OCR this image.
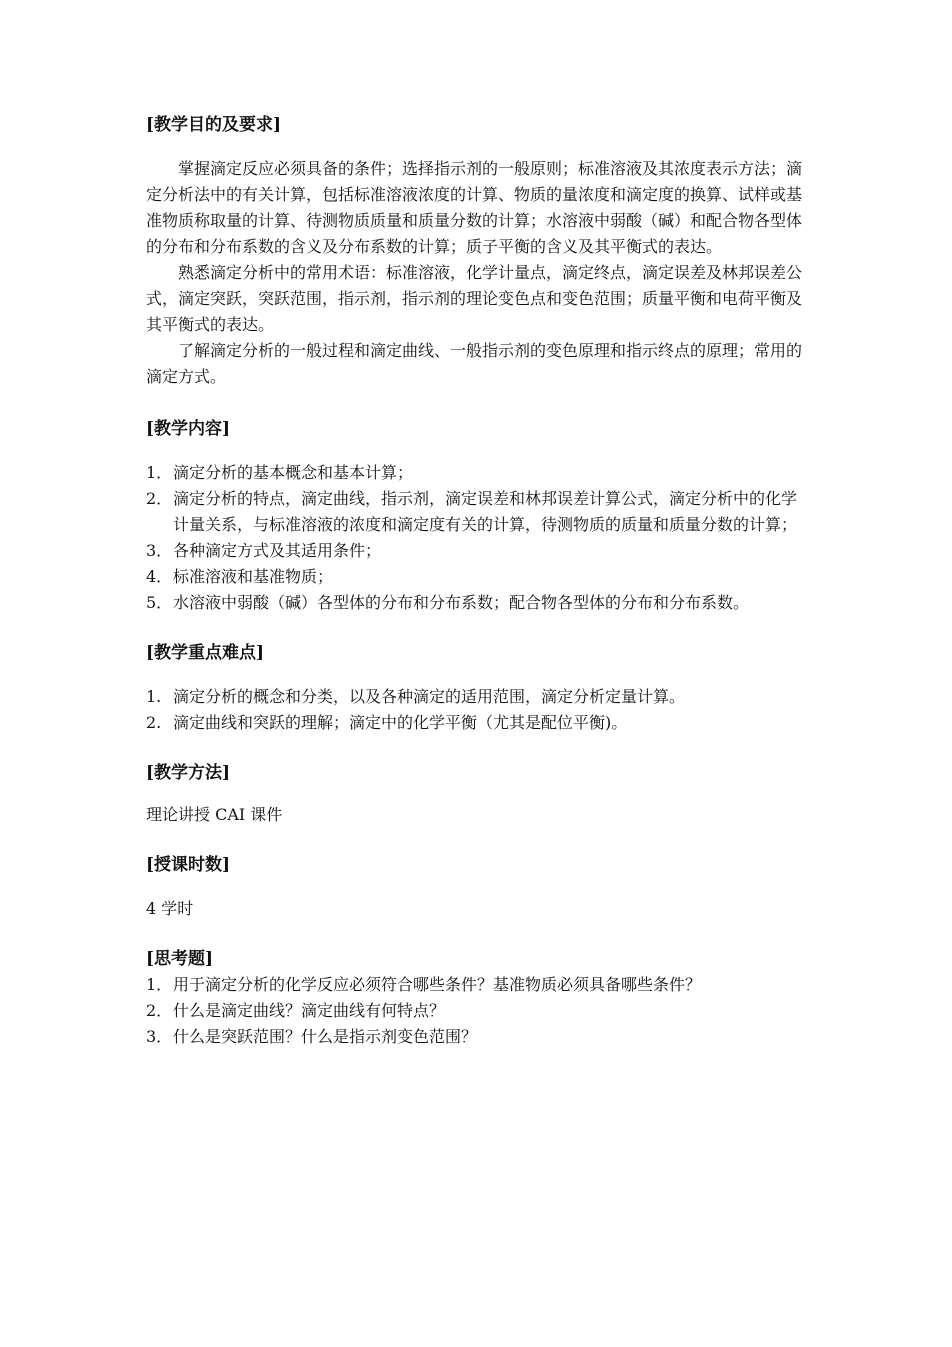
[教学目的及要求]

掌握滴定反应必须具备的条件；选择指示剂的一般原则；标准溶液及其浓度表示方法；滴定分析法中的有关计算，包括标准溶液浓度的计算、物质的量浓度和滴定度的换算、试样或基准物质称取量的计算、待测物质质量和质量分数的计算；水溶液中弱酸（碱）和配合物各型体的分布和分布系数的含义及分布系数的计算；质子平衡的含义及其平衡式的表达。

熟悉滴定分析中的常用术语：标准溶液，化学计量点，滴定终点，滴定误差及林邦误差公式，滴定突跃，突跃范围，指示剂，指示剂的理论变色点和变色范围；质量平衡和电荷平衡及其平衡式的表达。

了解滴定分析的一般过程和滴定曲线、一般指示剂的变色原理和指示终点的原理；常用的滴定方式。

[教学内容]
1． 滴定分析的基本概念和基本计算；
2． 滴定分析的特点，滴定曲线，指示剂，滴定误差和林邦误差计算公式，滴定分析中的化学计量关系，与标准溶液的浓度和滴定度有关的计算，待测物质的质量和质量分数的计算；
3． 各种滴定方式及其适用条件；
4． 标准溶液和基准物质；
5． 水溶液中弱酸（碱）各型体的分布和分布系数；配合物各型体的分布和分布系数。
[教学重点难点]
1. 滴定分析的概念和分类，以及各种滴定的适用范围，滴定分析定量计算。
2. 滴定曲线和突跃的理解；滴定中的化学平衡（尤其是配位平衡)。
[教学方法]

理论讲授 CAI 课件

[授课时数]

4 学时

[思考题]
1． 用于滴定分析的化学反应必须符合哪些条件？基准物质必须具备哪些条件？
2． 什么是滴定曲线？滴定曲线有何特点？
3． 什么是突跃范围？什么是指示剂变色范围？
